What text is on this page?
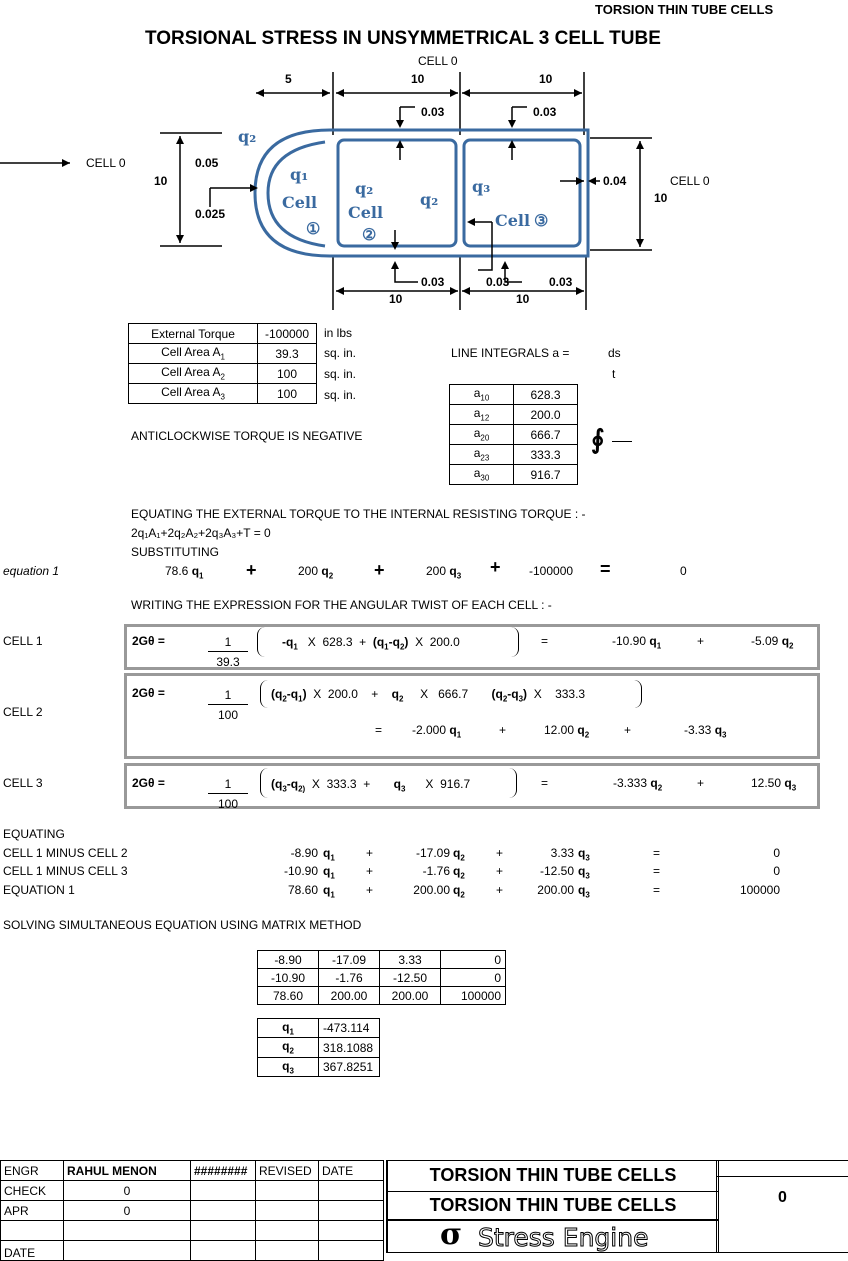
TORSION THIN TUBE CELLS
TORSIONAL STRESS IN UNSYMMETRICAL 3 CELL TUBE
q₂
q₁
q₂
q₂
q₃
Cell
Cell	Cell
①	②
③
CELL 0
5	10	10
0.03	0.03
CELL 0
10
0.05
0.025
0.04	CELL 0
10
0.03	0.03	0.03
10	10
External Torque	-100000
Cell Area $A_1$	39.3
Cell Area $A_2$	100
Cell Area $A_3$	100
in lbs
sq. in.
sq. in.
sq. in.
LINE INTEGRALS a =	ds
t
∮
$a_{10}$	628.3
$a_{12}$	200.0
$a_{20}$	666.7
$a_{23}$	333.3
$a_{30}$	916.7
ANTICLOCKWISE TORQUE IS NEGATIVE
EQUATING THE EXTERNAL TORQUE TO THE INTERNAL RESISTING TORQUE : -
2q₁A₁+2q₂A₂+2q₃A₃+T = 0
SUBSTITUTING
equation 1	78.6 $q_1$ +	200 $q_2$ +	200 $q_3 + -100000$ =	0
WRITING THE EXPRESSION FOR THE ANGULAR TWIST OF EACH CELL : -
CELL 1	2Gθ =	$\frac{1}{39.3}$	$-q_1$   X  $628.3 + (q_1-q_2)$  X  200.0	=	-10.90 $q_1$	+	-5.09 $q_2$
CELL 2
2Gθ =	$\frac{1}{100} (q_2-q_1)$  X  200.0    +    $q_2$     X   666.7 $(q_2-q_3)$  X    333.3
= -2.000 $q_1$	+	12.00 $q_2$	+	-3.33 $q_3$
CELL 3	2Gθ =	$\frac{1}{100} (q_3-q_{2)}$  X  333.3  +       $q_3$      X  916.7	=	-3.333 $q_2$	+	12.50 $q_3$
EQUATING
CELL 1 MINUS CELL 2	-8.90 $q_1$	+	-17.09 $q_2$	+	3.33 $q_3$	=	0
CELL 1 MINUS CELL 3	-10.90 $q_1$	+	-1.76 $q_2$	+	-12.50 $q_3$	=	0
EQUATION 1	78.60 $q_1$	+	200.00 $q_2$	+	200.00 $q_3$	=	100000
SOLVING SIMULTANEOUS EQUATION USING MATRIX METHOD
-8.90	-17.09	3.33	0
-10.90	-1.76	-12.50	0
78.60	200.00	200.00	100000
$q_1$	-473.114
$q_2$	318.1088
$q_3$	367.8251
ENGR	RAHUL MENON	########	REVISED	DATE
CHECK	0			
APR	0			

DATE				
TORSION THIN TUBE CELLS
TORSION THIN TUBE CELLS
σ Stress Engine
0
